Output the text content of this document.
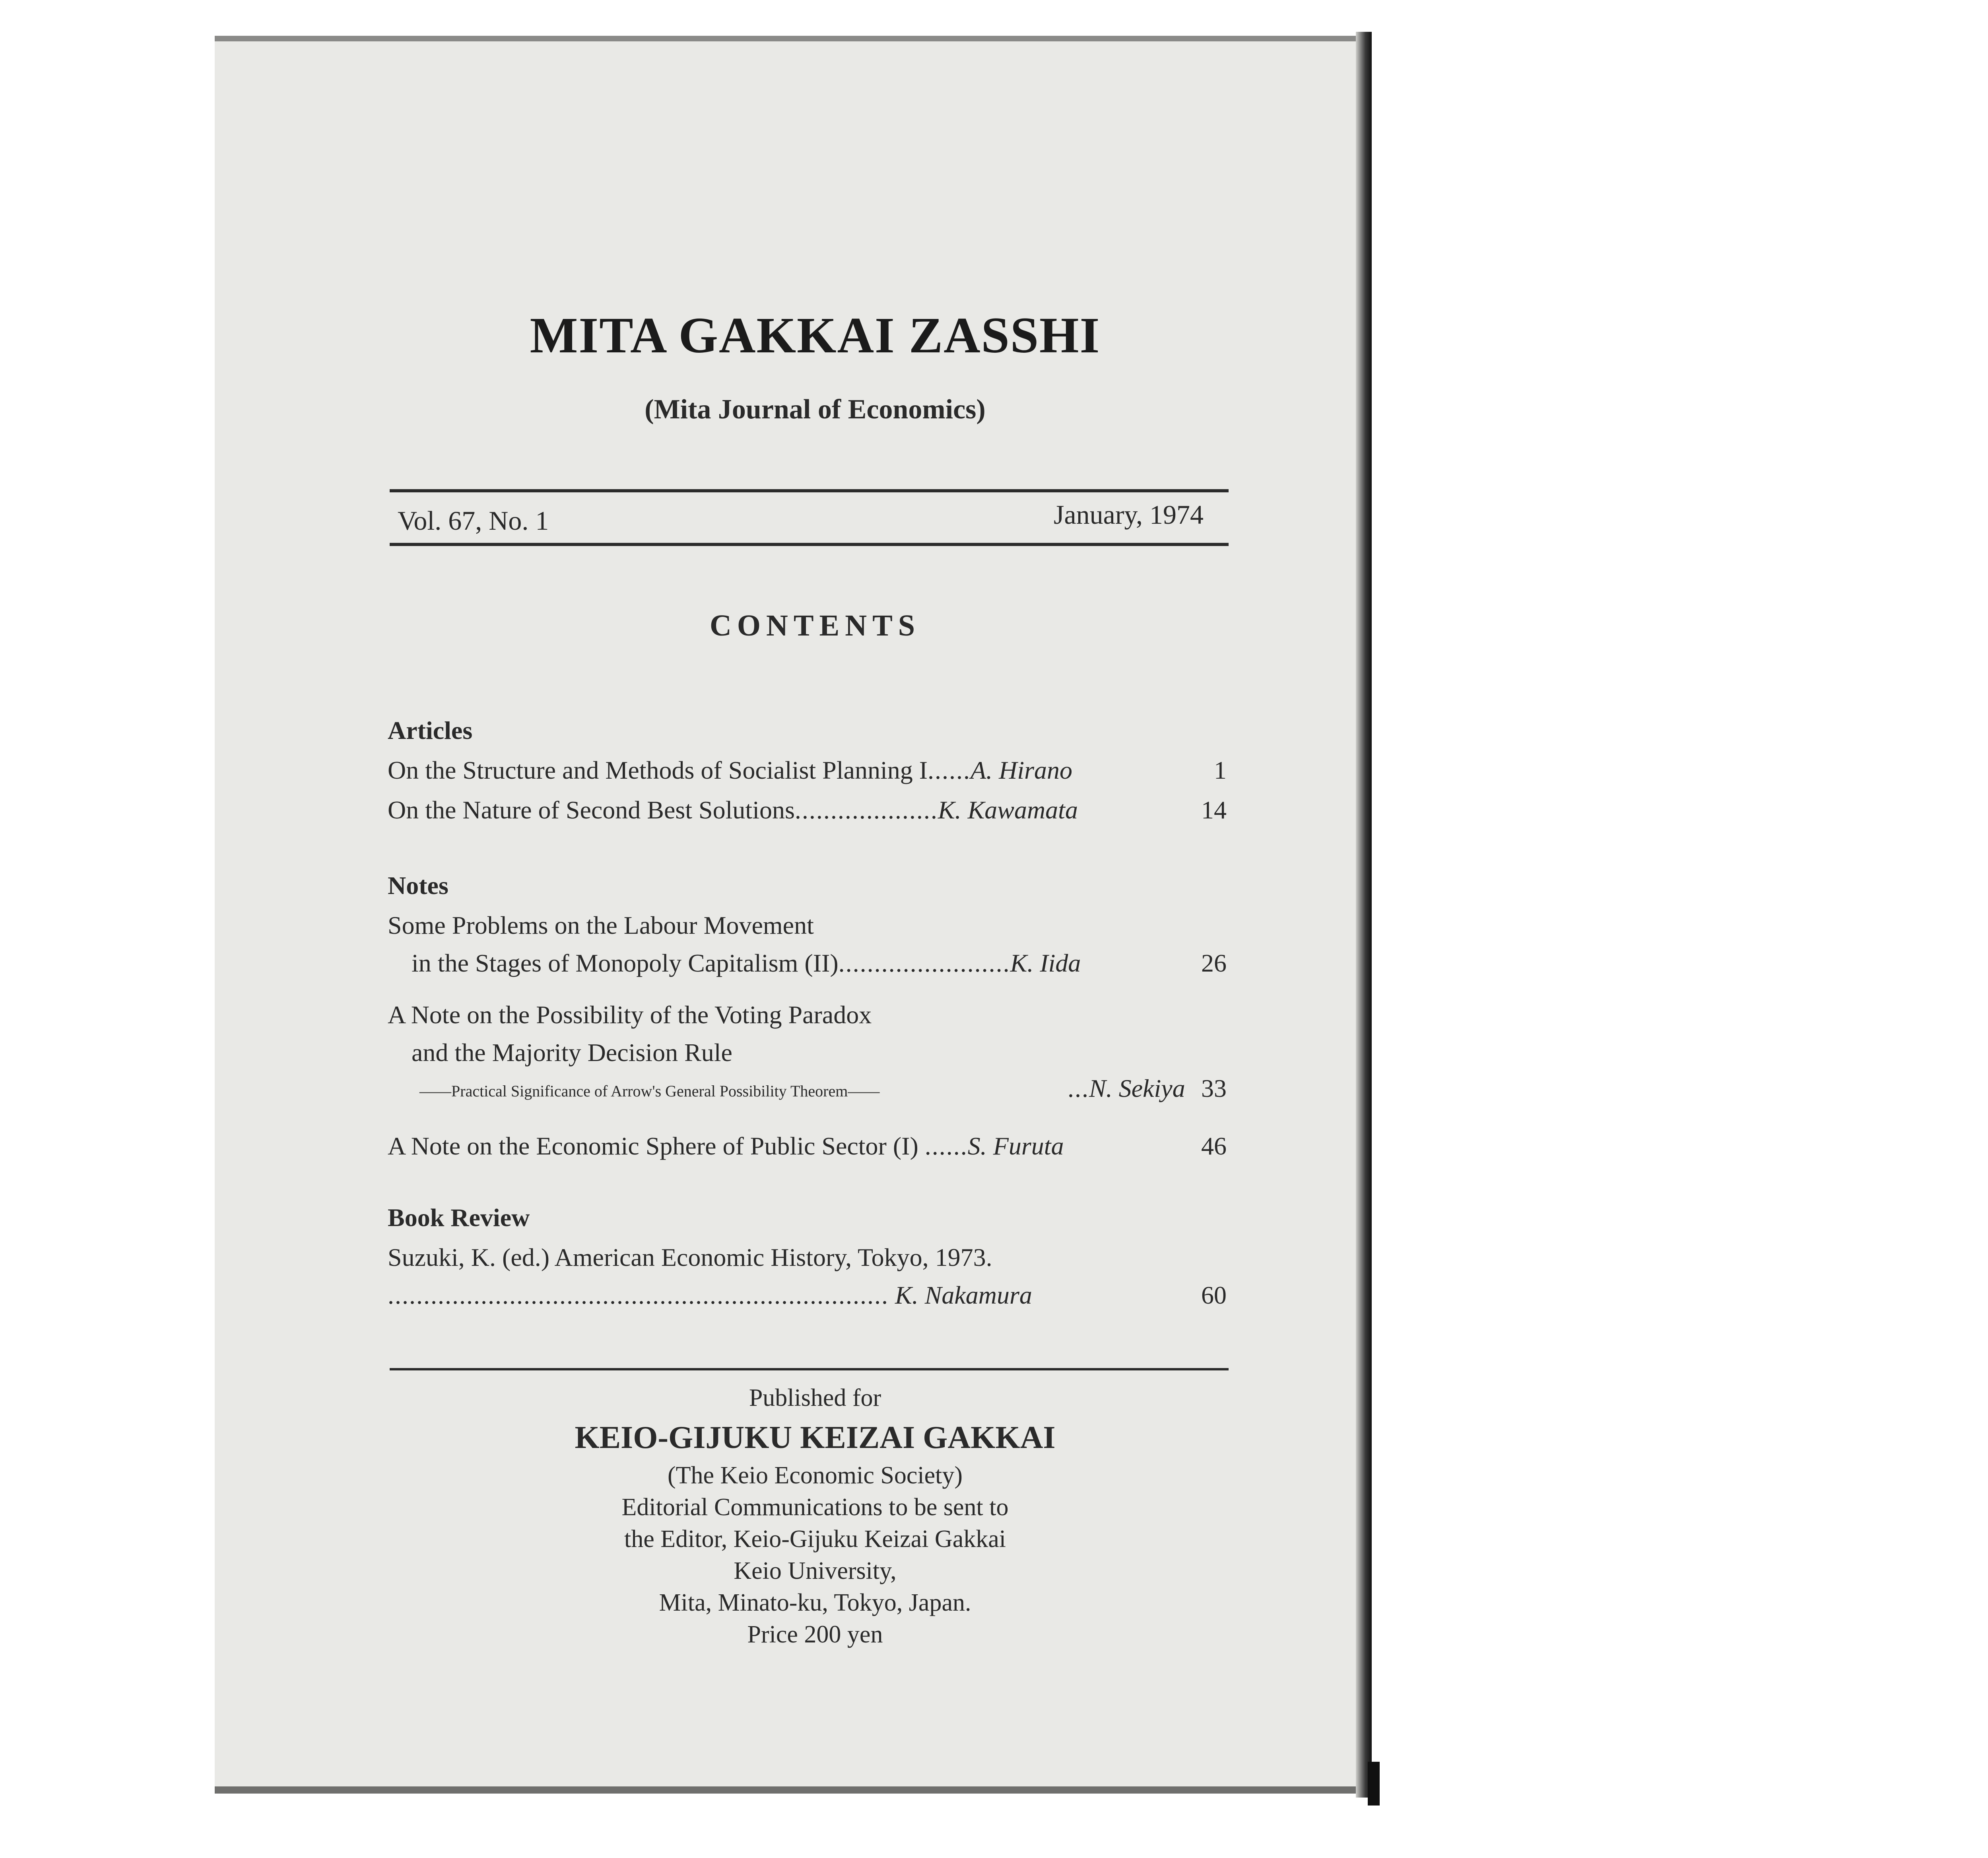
MITA GAKKAI ZASSHI
(Mita Journal of Economics)
Vol. 67, No. 1	January, 1974
CONTENTS
Articles
On the Structure and Methods of Socialist Planning I......A. Hirano	1
On the Nature of Second Best Solutions....................K. Kawamata	14
Notes
Some Problems on the Labour Movement
in the Stages of Monopoly Capitalism (II)........................K. Iida	26
A Note on the Possibility of the Voting Paradox
and the Majority Decision Rule
——Practical Significance of Arrow's General Possibility Theorem——	...N. Sekiya 33
A Note on the Economic Sphere of Public Sector (I) ......S. Furuta	46
Book Review
Suzuki, K. (ed.) American Economic History, Tokyo, 1973.
...................................................................... K. Nakamura	60
Published for
KEIO-GIJUKU KEIZAI GAKKAI
(The Keio Economic Society)
Editorial Communications to be sent to
the Editor, Keio-Gijuku Keizai Gakkai
Keio University,
Mita, Minato-ku, Tokyo, Japan.
Price 200 yen
